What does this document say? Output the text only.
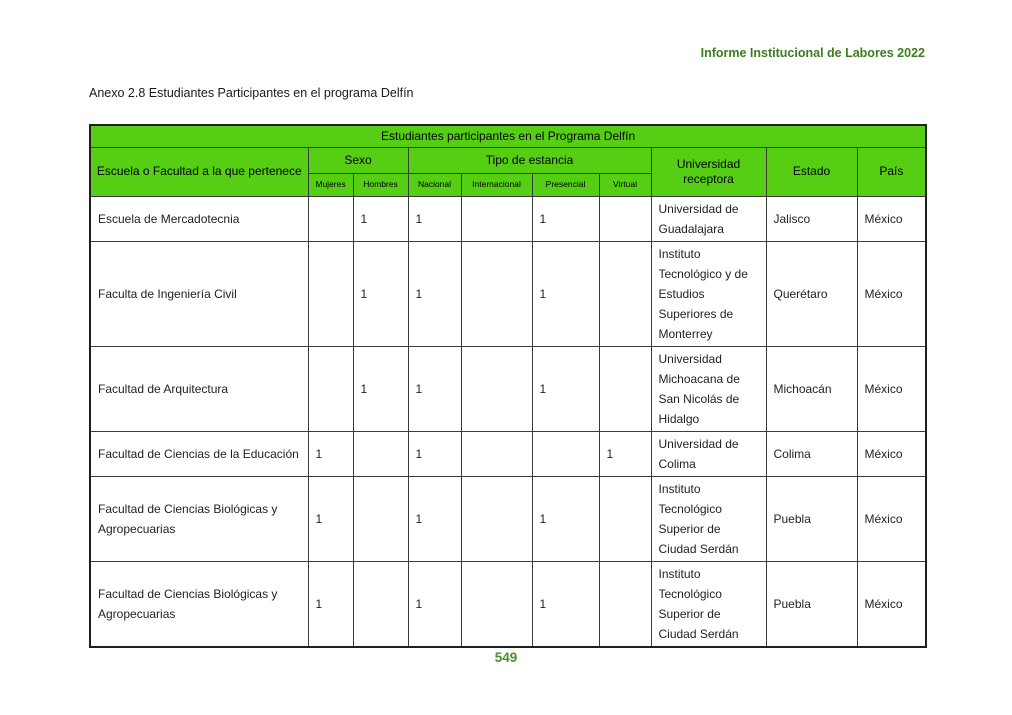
Informe Institucional de Labores 2022
Anexo 2.8 Estudiantes Participantes en el programa Delfín
Estudiantes participantes en el Programa Delfín									
Escuela o Facultad a la que pertenece	Sexo		Tipo de estancia				Universidad receptora	Estado	País
	Mujeres	Hombres	Nacional	Internacional	Presencial	Virtual			
Escuela de Mercadotecnia		1	1		1		Universidad de Guadalajara	Jalisco	México
Faculta de Ingeniería Civil		1	1		1		Instituto Tecnológico y de Estudios Superiores de Monterrey	Querétaro	México
Facultad de Arquitectura		1	1		1		Universidad Michoacana de San Nicolás de Hidalgo	Michoacán	México
Facultad de Ciencias de la Educación	1		1			1	Universidad de Colima	Colima	México
Facultad de Ciencias Biológicas y Agropecuarias	1		1		1		Instituto Tecnológico Superior de Ciudad Serdán	Puebla	México
Facultad de Ciencias Biológicas y Agropecuarias	1		1		1		Instituto Tecnológico Superior de Ciudad Serdán	Puebla	México
549
